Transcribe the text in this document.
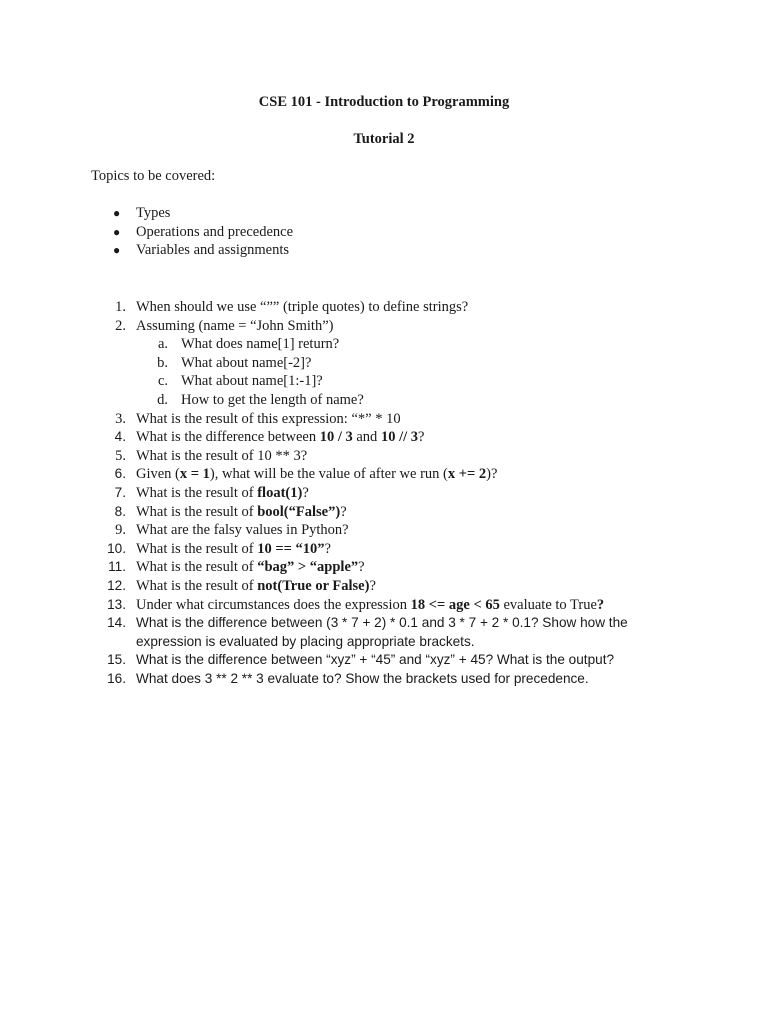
CSE 101 - Introduction to Programming
Tutorial 2
Topics to be covered:
● Types
● Operations and precedence
● Variables and assignments
1. When should we use “”” (triple quotes) to define strings?
2. Assuming (name = “John Smith”)
a. What does name[1] return?
b. What about name[-2]?
c. What about name[1:-1]?
d. How to get the length of name?
3. What is the result of this expression: “*” * 10
4. What is the difference between 10 / 3 and 10 // 3?
5. What is the result of 10 ** 3?
6. Given (x = 1), what will be the value of after we run (x += 2)?
7. What is the result of float(1)?
8. What is the result of bool(“False”)?
9. What are the falsy values in Python?
10. What is the result of 10 == “10”?
11. What is the result of “bag” > “apple”?
12. What is the result of not(True or False)?
13. Under what circumstances does the expression 18 <= age < 65 evaluate to True?
14. What is the difference between (3 * 7 + 2) * 0.1 and 3 * 7 + 2 * 0.1? Show how the
expression is evaluated by placing appropriate brackets.
15. What is the difference between “xyz” + “45” and “xyz” + 45? What is the output?
16. What does 3 ** 2 ** 3 evaluate to? Show the brackets used for precedence.
